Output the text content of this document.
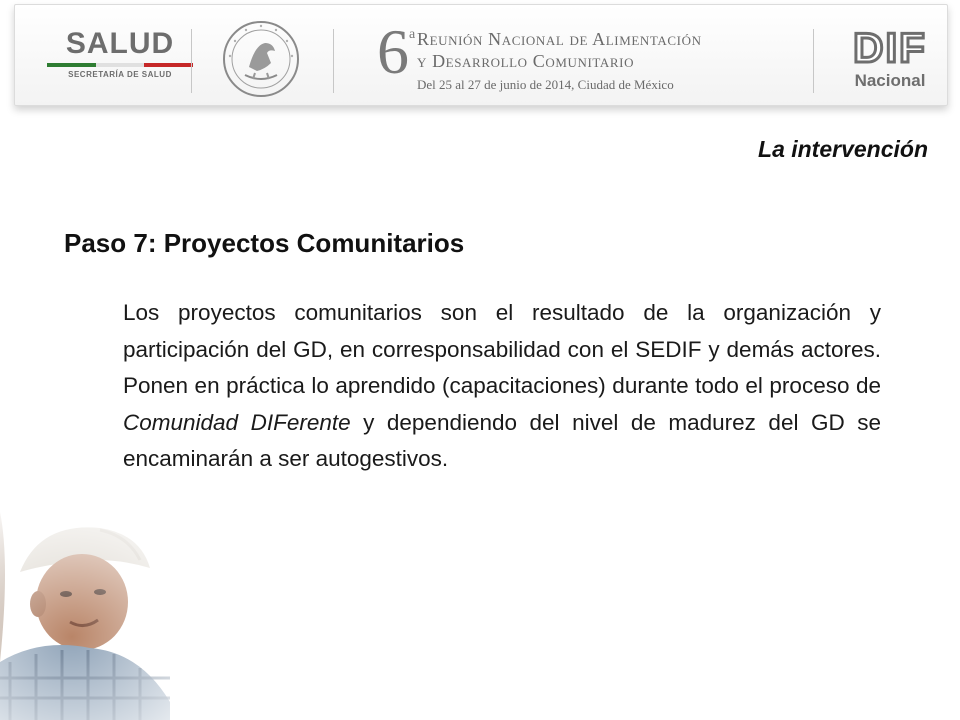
SALUD
SECRETARÍA DE SALUD	6 a Reunión Nacional de Alimentación
y Desarrollo Comunitario
Del 25 al 27 de junio de 2014, Ciudad de México
DIF
Nacional
La intervención
Paso 7: Proyectos Comunitarios
Los proyectos comunitarios son el resultado de la organización y participación del GD, en corresponsabilidad con el SEDIF y demás actores. Ponen en práctica lo aprendido (capacitaciones) durante todo el proceso de Comunidad DIFerente y dependiendo del nivel de madurez del GD se encaminarán a ser autogestivos.
